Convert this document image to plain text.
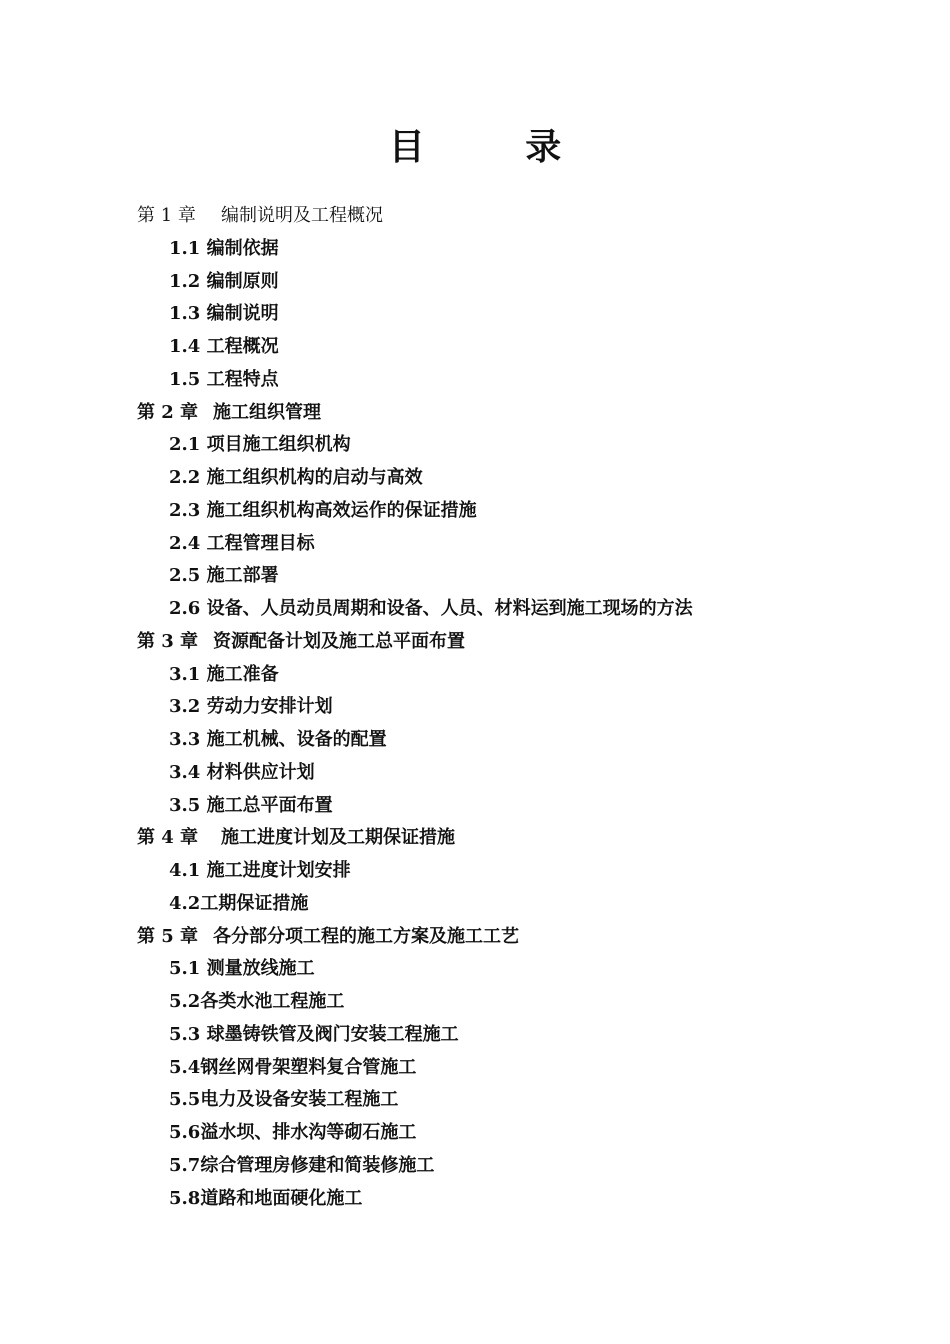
目 录
第 1 章 编制说明及工程概况
1.1 编制依据
1.2 编制原则
1.3 编制说明
1.4 工程概况
1.5 工程特点
第 2 章 施工组织管理
2.1 项目施工组织机构
2.2 施工组织机构的启动与高效
2.3 施工组织机构高效运作的保证措施
2.4 工程管理目标
2.5 施工部署
2.6 设备、人员动员周期和设备、人员、材料运到施工现场的方法
第 3 章 资源配备计划及施工总平面布置
3.1 施工准备
3.2 劳动力安排计划
3.3 施工机械、设备的配置
3.4 材料供应计划
3.5 施工总平面布置
第 4 章 施工进度计划及工期保证措施
4.1 施工进度计划安排
4.2工期保证措施
第 5 章 各分部分项工程的施工方案及施工工艺
5.1 测量放线施工
5.2各类水池工程施工
5.3 球墨铸铁管及阀门安装工程施工
5.4钢丝网骨架塑料复合管施工
5.5电力及设备安装工程施工
5.6溢水坝、排水沟等砌石施工
5.7综合管理房修建和简装修施工
5.8道路和地面硬化施工
